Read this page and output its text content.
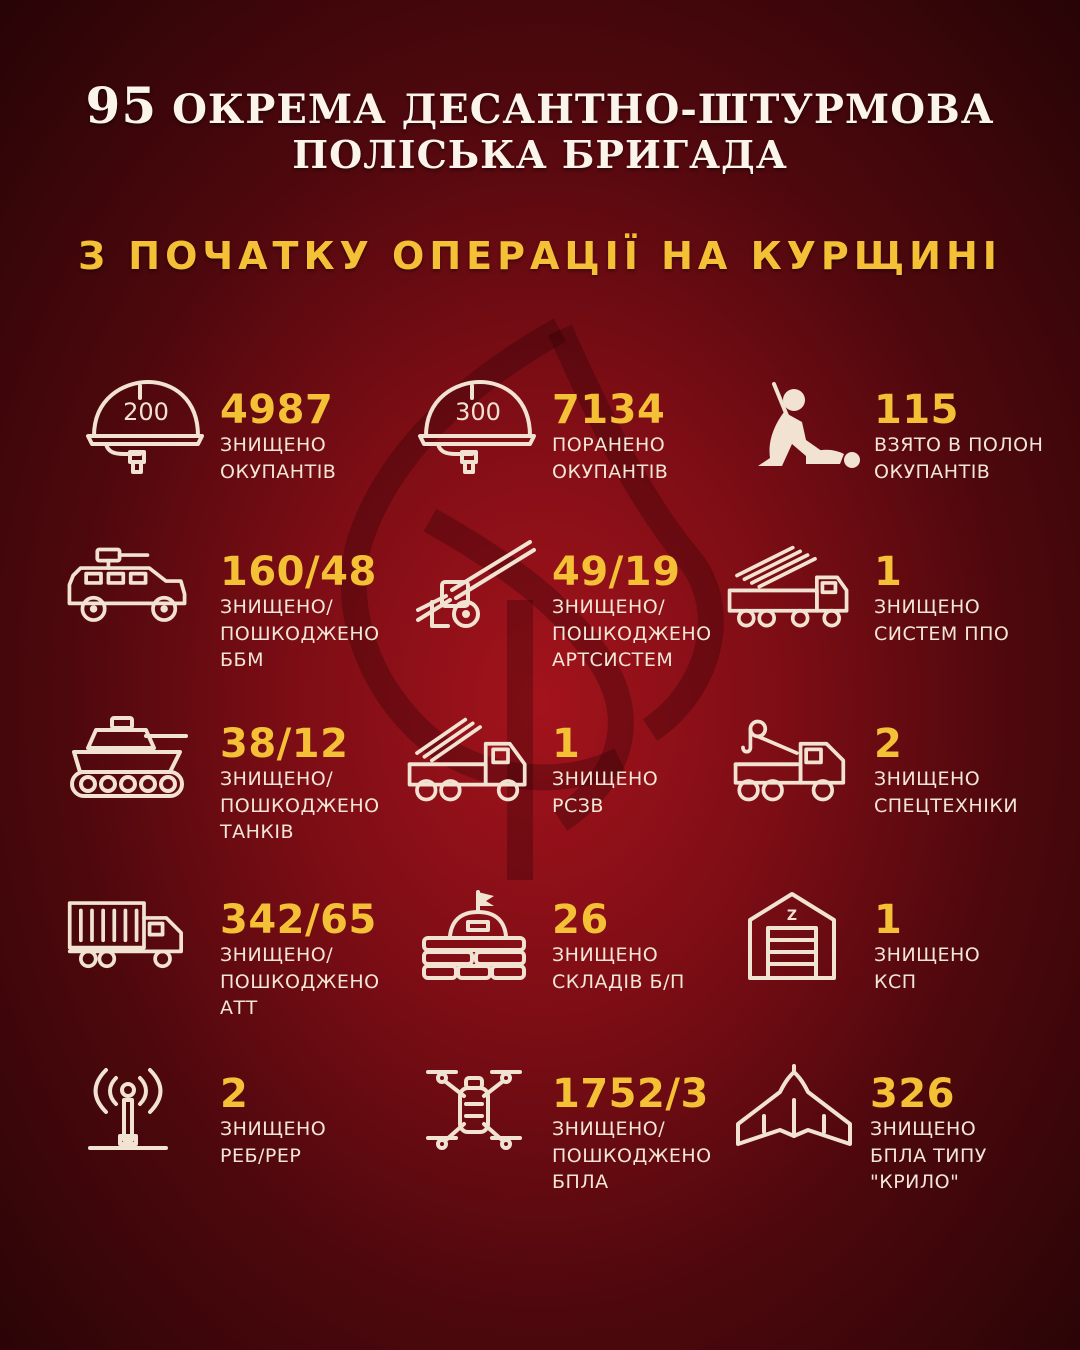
95 ОКРЕМА ДЕСАНТНО-ШТУРМОВА
ПОЛІСЬКА БРИГАДА
З ПОЧАТКУ ОПЕРАЦІЇ НА КУРЩИНІ
200 4987
ЗНИЩЕНО
ОКУПАНТІВ
300 7134
ПОРАНЕНО
ОКУПАНТІВ
115
ВЗЯТО В ПОЛОН
ОКУПАНТІВ
160/48
ЗНИЩЕНО/
ПОШКОДЖЕНО
ББМ
49/19
ЗНИЩЕНО/
ПОШКОДЖЕНО
АРТСИСТЕМ
1
ЗНИЩЕНО
СИСТЕМ ППО
38/12
ЗНИЩЕНО/
ПОШКОДЖЕНО
ТАНКІВ
1
ЗНИЩЕНО
РСЗВ
2
ЗНИЩЕНО
СПЕЦТЕХНІКИ
342/65
ЗНИЩЕНО/
ПОШКОДЖЕНО
АТТ
26
ЗНИЩЕНО
СКЛАДІВ Б/П
Z 1
ЗНИЩЕНО
КСП
2
ЗНИЩЕНО
РЕБ/РЕР
1752/3
ЗНИЩЕНО/
ПОШКОДЖЕНО
БПЛА
326
ЗНИЩЕНО
БПЛА ТИПУ
"КРИЛО"
